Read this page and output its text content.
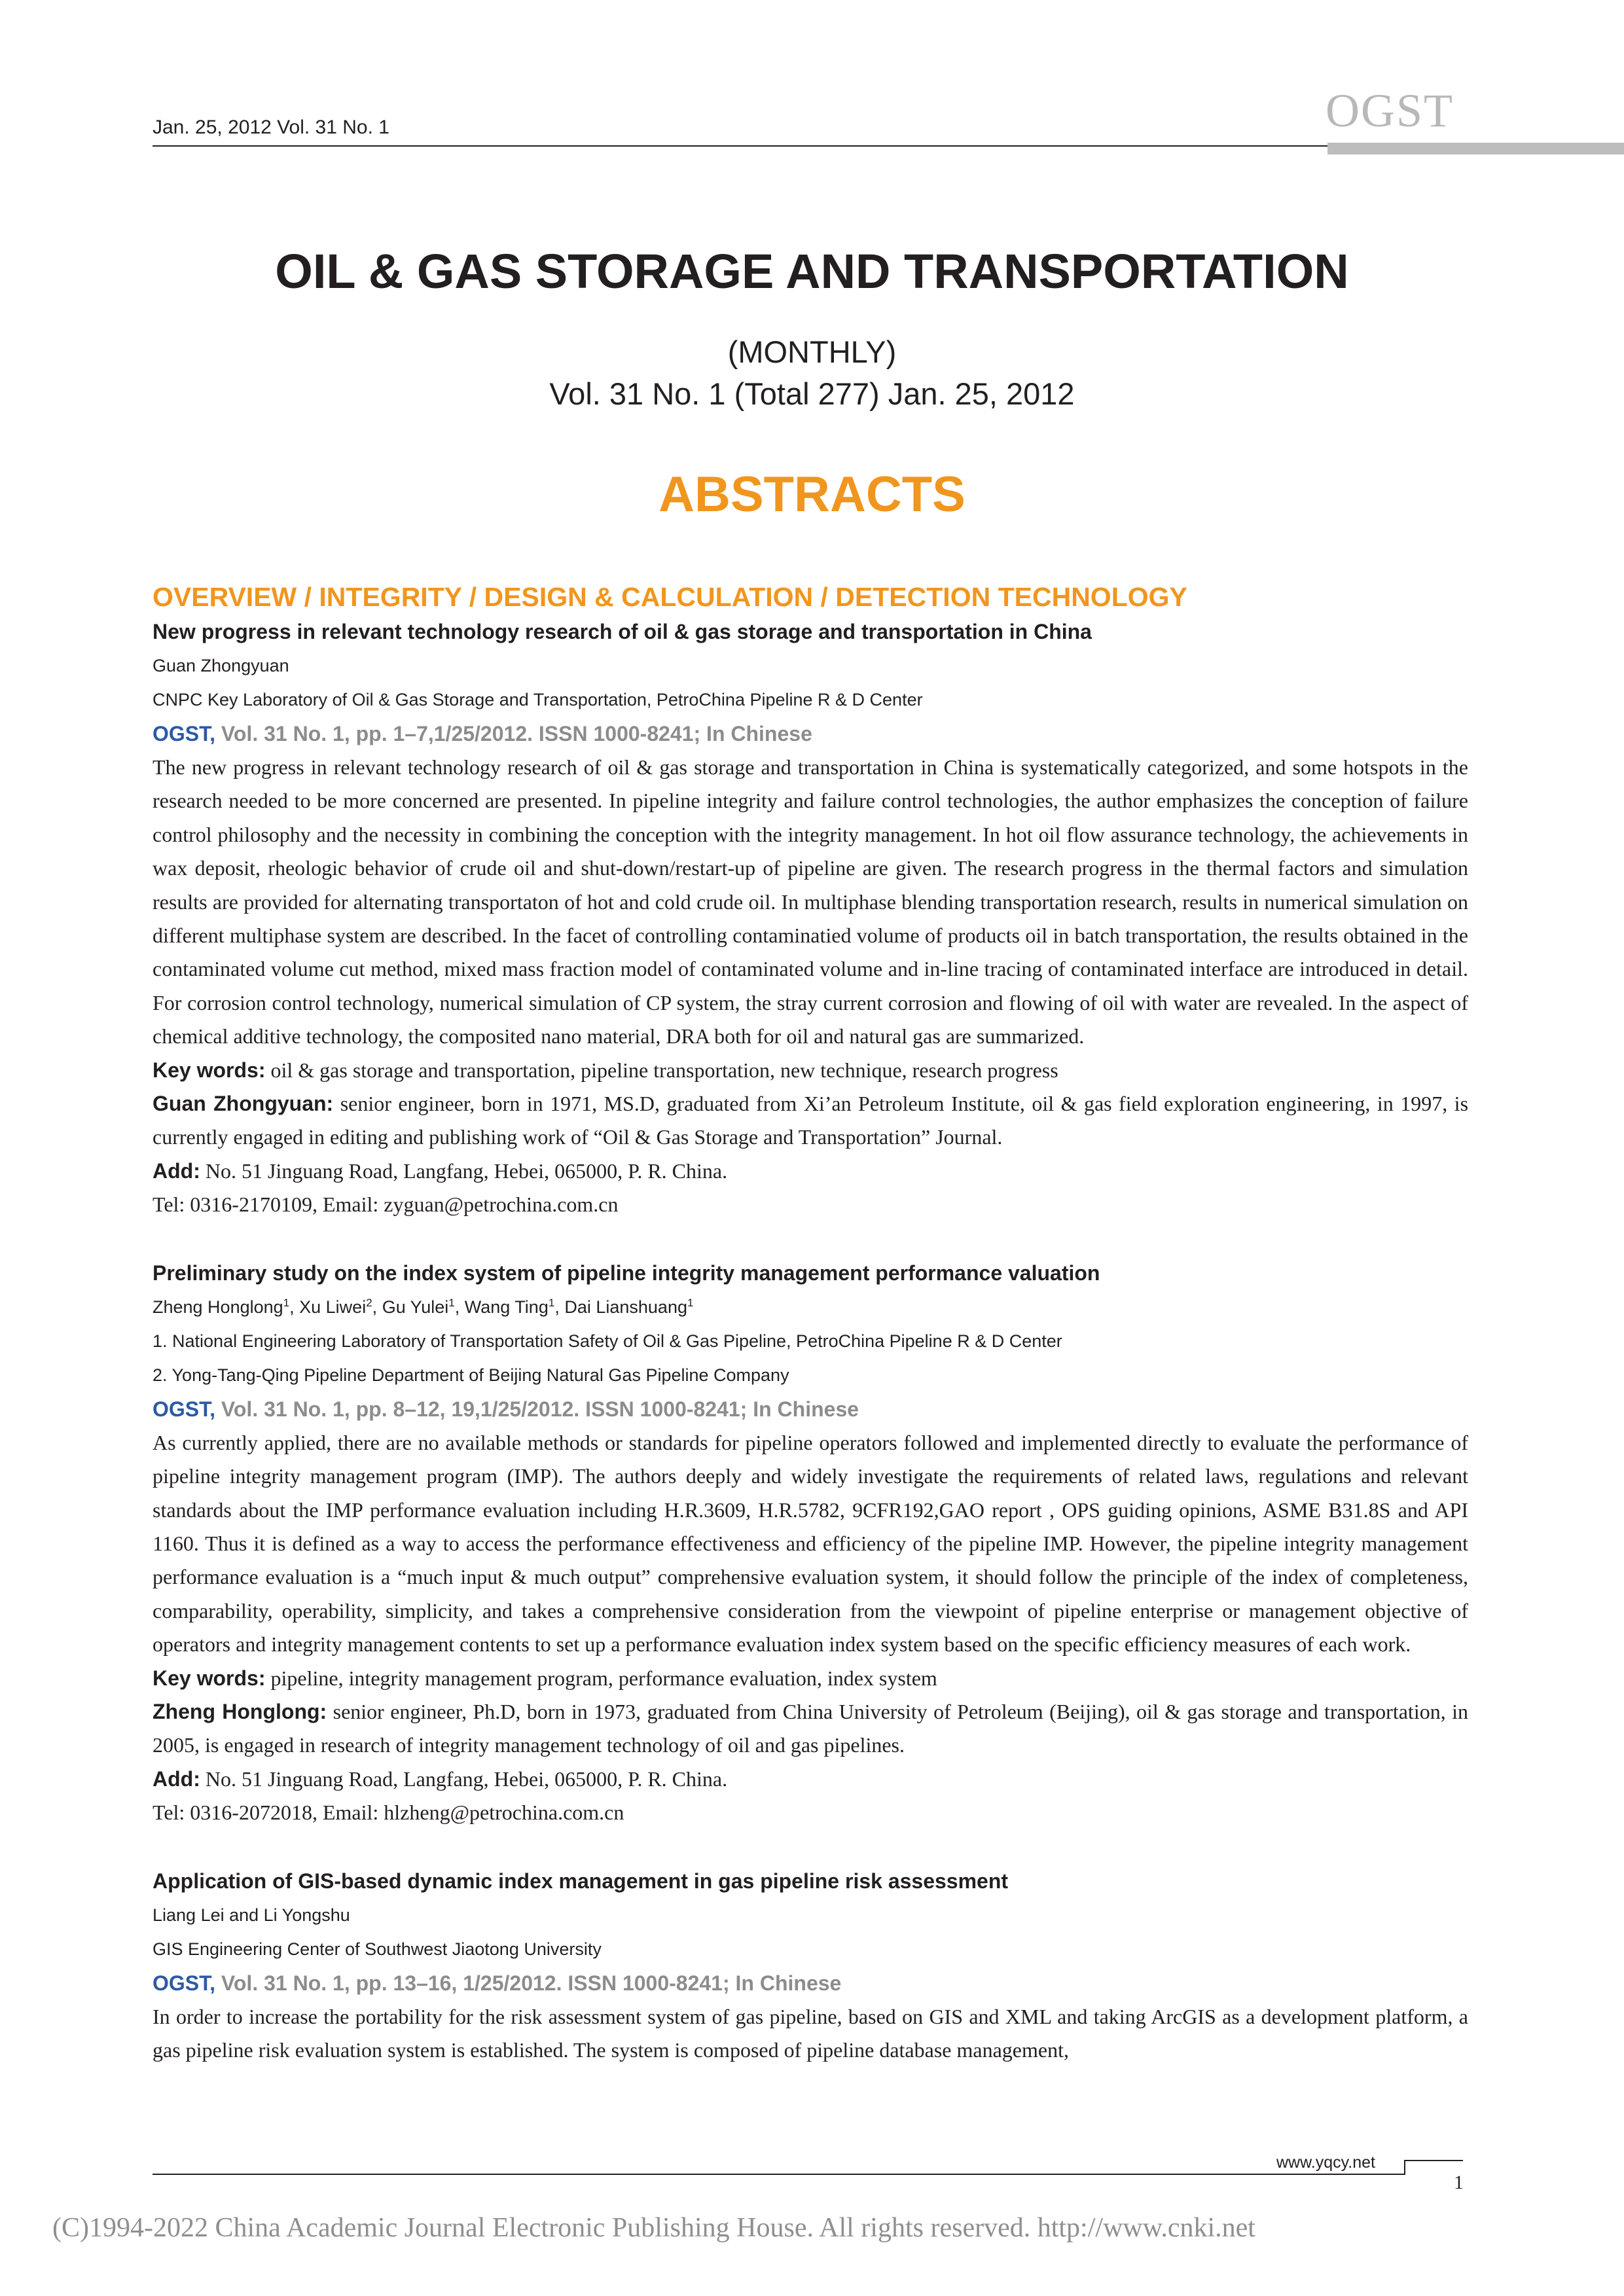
Jan. 25, 2012 Vol. 31 No. 1	OGST
OIL & GAS STORAGE AND TRANSPORTATION
(MONTHLY)
Vol. 31 No. 1 (Total 277) Jan. 25, 2012
ABSTRACTS
OVERVIEW / INTEGRITY / DESIGN & CALCULATION / DETECTION TECHNOLOGY
New progress in relevant technology research of oil & gas storage and transportation in China
Guan Zhongyuan
CNPC Key Laboratory of Oil & Gas Storage and Transportation, PetroChina Pipeline R & D Center
OGST, Vol. 31 No. 1, pp. 1–7,1/25/2012. ISSN 1000-8241; In Chinese
The new progress in relevant technology research of oil & gas storage and transportation in China is systematically categorized, and some hotspots in the research needed to be more concerned are presented. In pipeline integrity and failure control technologies, the author emphasizes the conception of failure control philosophy and the necessity in combining the conception with the integrity management. In hot oil flow assurance technology, the achievements in wax deposit, rheologic behavior of crude oil and shut-down/restart-up of pipeline are given. The research progress in the thermal factors and simulation results are provided for alternating transportaton of hot and cold crude oil. In multiphase blending transportation research, results in numerical simulation on different multiphase system are described. In the facet of controlling contaminatied volume of products oil in batch transportation, the results obtained in the contaminated volume cut method, mixed mass fraction model of contaminated volume and in-line tracing of contaminated interface are introduced in detail. For corrosion control technology, numerical simulation of CP system, the stray current corrosion and flowing of oil with water are revealed. In the aspect of chemical additive technology, the composited nano material, DRA both for oil and natural gas are summarized.
Key words: oil & gas storage and transportation, pipeline transportation, new technique, research progress
Guan Zhongyuan: senior engineer, born in 1971, MS.D, graduated from Xi’an Petroleum Institute, oil & gas field exploration engineering, in 1997, is currently engaged in editing and publishing work of “Oil & Gas Storage and Transportation” Journal.
Add: No. 51 Jinguang Road, Langfang, Hebei, 065000, P. R. China.
Tel: 0316-2170109, Email: zyguan@petrochina.com.cn
Preliminary study on the index system of pipeline integrity management performance valuation
Zheng Honglong$^1$, Xu Liwei$^2$, Gu Yulei$^1$, Wang Ting$^1$, Dai Lianshuang$^1$
1. National Engineering Laboratory of Transportation Safety of Oil & Gas Pipeline, PetroChina Pipeline R & D Center
2. Yong-Tang-Qing Pipeline Department of Beijing Natural Gas Pipeline Company
OGST, Vol. 31 No. 1, pp. 8–12, 19,1/25/2012. ISSN 1000-8241; In Chinese
As currently applied, there are no available methods or standards for pipeline operators followed and implemented directly to evaluate the performance of pipeline integrity management program (IMP). The authors deeply and widely investigate the requirements of related laws, regulations and relevant standards about the IMP performance evaluation including H.R.3609, H.R.5782, 9CFR192,GAO report , OPS guiding opinions, ASME B31.8S and API 1160. Thus it is defined as a way to access the performance effectiveness and efficiency of the pipeline IMP. However, the pipeline integrity management performance evaluation is a “much input & much output” comprehensive evaluation system, it should follow the principle of the index of completeness, comparability, operability, simplicity, and takes a comprehensive consideration from the viewpoint of pipeline enterprise or management objective of operators and integrity management contents to set up a performance evaluation index system based on the specific efficiency measures of each work.
Key words: pipeline, integrity management program, performance evaluation, index system
Zheng Honglong: senior engineer, Ph.D, born in 1973, graduated from China University of Petroleum (Beijing), oil & gas storage and transportation, in 2005, is engaged in research of integrity management technology of oil and gas pipelines.
Add: No. 51 Jinguang Road, Langfang, Hebei, 065000, P. R. China.
Tel: 0316-2072018, Email: hlzheng@petrochina.com.cn
Application of GIS-based dynamic index management in gas pipeline risk assessment
Liang Lei and Li Yongshu
GIS Engineering Center of Southwest Jiaotong University
OGST, Vol. 31 No. 1, pp. 13–16, 1/25/2012. ISSN 1000-8241; In Chinese
In order to increase the portability for the risk assessment system of gas pipeline, based on GIS and XML and taking ArcGIS as a development platform, a gas pipeline risk evaluation system is established. The system is composed of pipeline database management,
www.yqcy.net
1
(C)1994-2022 China Academic Journal Electronic Publishing House. All rights reserved. http://www.cnki.net
